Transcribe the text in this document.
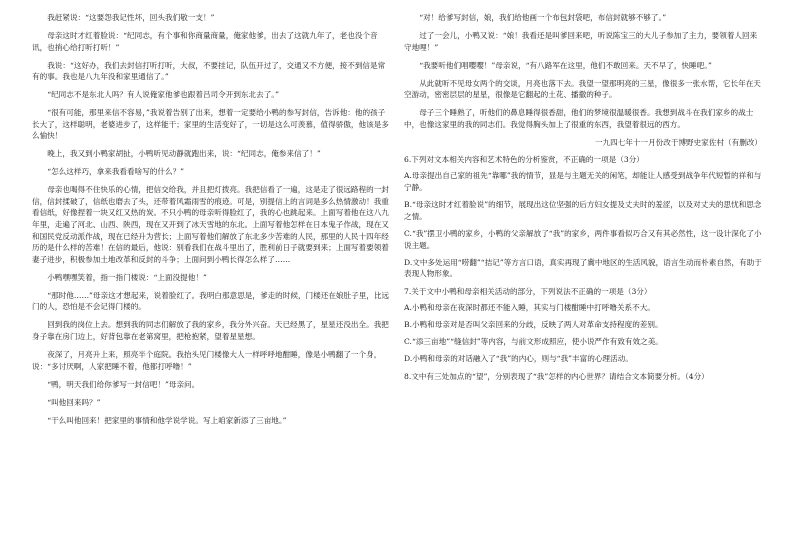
我赶紧说：“这要怨我记性坏，回头我们敬一支！”

母亲这时才红着脸说：“纪同志，有个事和你商量商量，俺家他爹，出去了这就九年了，老也没个音讯，也捎心给打听打听！”

我说：“这好办，我们去封信打听打听，大叔，不要挂记，队伍开过了，交通又不方便，接不到信是常有的事。我也是八九年没和家里通信了。”

“纪同志不是东北人吗？有人说俺家他爹也跟着吕司令开到东北去了。”

“很有可能，那里来信不容易，”我说着告别了出来，想着一定要给小鸭的参写封信，告诉他：他的孩子长大了，这样聪明，老婆进步了，这样能干；家里的生活变好了，一切是这么可羡慕，值得骄傲，他该是多么愉快！

晚上，我又到小鸭家胡扯，小鸭听见动静就跑出来，说：“纪同志，俺参来信了！”

“怎么这样巧，拿来我看看啥写的什么？”

母亲也喝得不住快乐的心情，把信交给我，并且把灯拨亮。我把信看了一遍，这是走了很远路程的一封信，信封揉破了，信纸也磨去了头，还带着风霜雨雪的痕迹。可是，别提信上的言词是多么热情激动！我重看信纸，好像捏着一块又红又热的炭。不只小鸭的母亲听得脸红了，我的心也跳起来。上面写着他在这八九年里，走遍了河北、山西、陕西，现在又开到了冰天雪地的东北。上面写着他怎样在日本鬼子作战，现在又和国民党反动派作战，现在已经升为营长；上面写着他们解放了东北多少苦难的人民，那里的人民十四年经历的是什么样的苦难！在信的最后，他说：别看我们在战斗里出了，胜利前日子就要到来；上面写着要领着妻子进步，积极参加土地改革和反封的斗争；上面问到小鸭长得怎么样了……

小鸭嘿嘿笑着，指一指门楼说：“上面没提他！”

“那时他……”母亲这才想起来，说着脸红了。我明白那意思是，爹走的时候，门楼还在娘肚子里，比远门的人，恐怕是不会记得门楼的。

回到我的岗位上去。想到我的同志们解放了我的家乡，我分外兴奋。天已经黑了，星星还没出全。我把身子靠在房门边上，好背包靠在老第窝里，把枪抱紧，望着星星想。

夜深了，月亮升上来，照亮半个庭院。我抬头见门楼像大人一样呼呼地酣睡，像是小鸭翻了一个身，说：“多讨厌啊，人家把睡不着，他都打呼噜！”

“鸭，明天我们给你爹写一封信吧！”母亲问。

“叫他回来吗？”

“干么叫他回来！把家里的事情和他学说学说。写上咱家新添了三亩地。”

“对！给爹写封信，娘，我们给他画一个布包封袋吧，布信封就够不够了。”

过了一会儿，小鸭又说：“娘！我看还是叫爹回来吧，听说陈宝三的大儿子参加了主力，要领着人回来守地哩！”

“我要听他们唱嘤嘤！”母亲说，“有八路军在这里，他们不敢回来。天不早了，快睡吧。”

从此就听不见母女两个的交谈，月亮也落下去。我望一望那明亮的三星，像很多一张水帮，它长年在天空游动，密密层层的星星，很像是它翻起的土花、播撒的种子。

母子三个睡熟了，听他们的鼻息睡得很香甜，他们的梦境很温暖很香。我想到战斗在我们家乡的战士中，也像这家里的我的同志们。我觉得胸头加上了很重的东西，我望着很远的西方。

一九四七年十一月份改于博野史家佐村（有删改）

6.下列对文本相关内容和艺术特色的分析鉴赏，不正确的一项是（3分）

A.母亲提出自己家的祖先“靠哪”我的情节，显是与主题无关的闲笔，却能让人感受到战争年代短暂的祥和与宁静。

B.“母亲这时才红着脸说”的细节，展现出这位坚强的后方妇女提及丈夫时的羞涩，以及对丈夫的思忧和思念之情。

C.“我”摆卫小鸭的家乡，小鸭的父亲解放了“我”的家乡，两件事看似巧合又有其必然性，这一设计深化了小说主题。

D.文中多处运用“唠翻”“拮记”等方言口语，真实再现了冀中地区的生活风貌，语言生动而朴素自然，有助于表现人物形象。

7.关于文中小鸭和母亲相关活动的部分，下列说法不正确的一项是（3分）

A.小鸭和母亲在夜深时都还不能入睡，其实与门楼酣睡中打呼噜关系不大。

B.小鸭和母亲对是否叫父亲回来的分歧，反映了两人对革命支持程度的差别。

C.“添三亩地”“缝信封”等内容，与前文形成照应，使小说严作有致有效之美。

D.小鸭和母亲的对话融入了“我”的内心，则与“我”丰富的心理活动。

8.文中有三处加点的“望”，分别表现了“我”怎样的内心世界？请结合文本简要分析。（4分）
